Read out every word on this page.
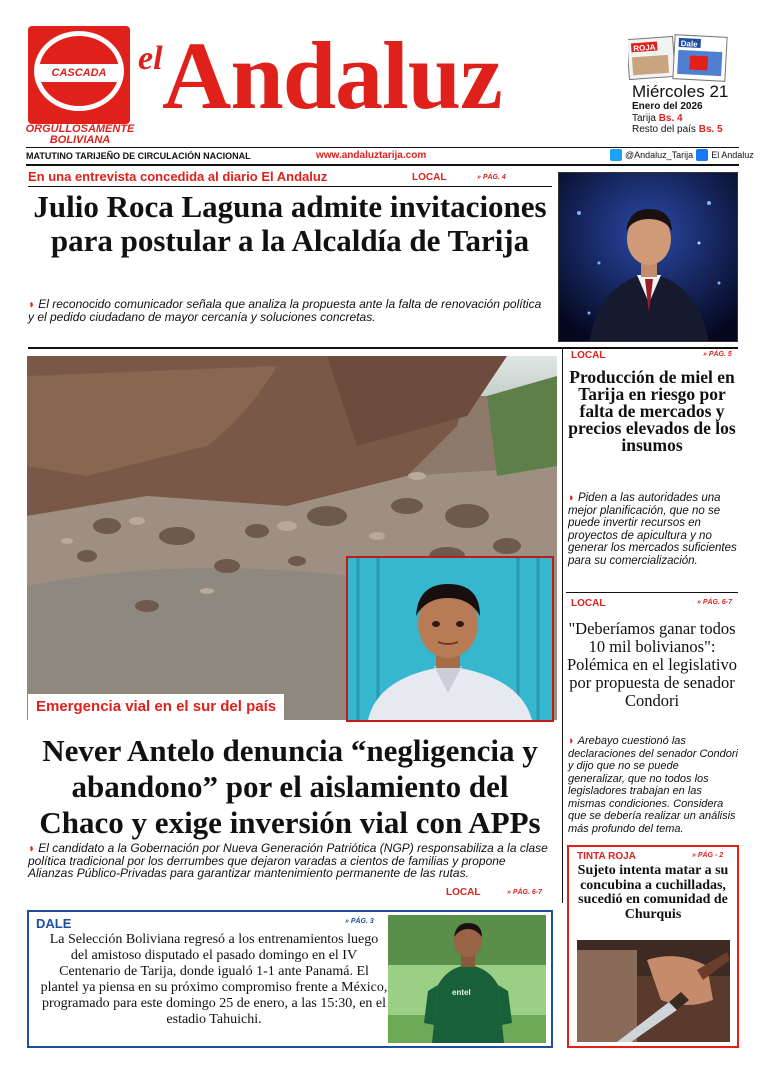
CASCADA
ORGULLOSAMENTE BOLIVIANA
el Andaluz	ROJA	Dale
Miércoles 21
Enero del 2026
Tarija Bs. 4
Resto del país Bs. 5
MATUTINO TARIJEÑO DE CIRCULACIÓN NACIONAL	www.andaluztarija.com	@Andaluz_Tarija El Andaluz
En una entrevista concedida al diario El Andaluz	LOCAL	» PÁG. 4
Julio Roca Laguna admite invitaciones para postular a la Alcaldía de Tarija

◗ El reconocido comunicador señala que analiza la propuesta ante la falta de renovación política y el pedido ciudadano de mayor cercanía y soluciones concretas.

Emergencia vial en el sur del país
Never Antelo denuncia “negligencia y abandono” por el aislamiento del Chaco y exige inversión vial con APPs

◗ El candidato a la Gobernación por Nueva Generación Patriótica (NGP) responsabiliza a la clase política tradicional por los derrumbes que dejaron varadas a cientos de familias y propone Alianzas Público-Privadas para garantizar mantenimiento permanente de las rutas.

LOCAL	» PÁG. 6-7
LOCAL	» PÁG. 5
Producción de miel en Tarija en riesgo por falta de mercados y precios elevados de los insumos

◗ Piden a las autoridades una mejor planificación, que no se puede invertir recursos en proyectos de apicultura y no generar los mercados suficientes para su comercialización.

LOCAL	» PÁG. 6-7
"Deberíamos ganar todos 10 mil bolivianos": Polémica en el legislativo por propuesta de senador Condori

◗ Arebayo cuestionó las declaraciones del senador Condori y dijo que no se puede generalizar, que no todos los legisladores trabajan en las mismas condiciones. Considera que se debería realizar un análisis más profundo del tema.

DALE	» PÁG. 3

La Selección Boliviana regresó a los entrenamientos luego del amistoso disputado el pasado domingo en el IV Centenario de Tarija, donde igualó 1-1 ante Panamá. El plantel ya piensa en su próximo compromiso frente a México, programado para este domingo 25 de enero, a las 15:30, en el estadio Tahuichi.

entel
TINTA ROJA	» PÁG - 2
Sujeto intenta matar a su concubina a cuchilladas, sucedió en comunidad de Churquis
